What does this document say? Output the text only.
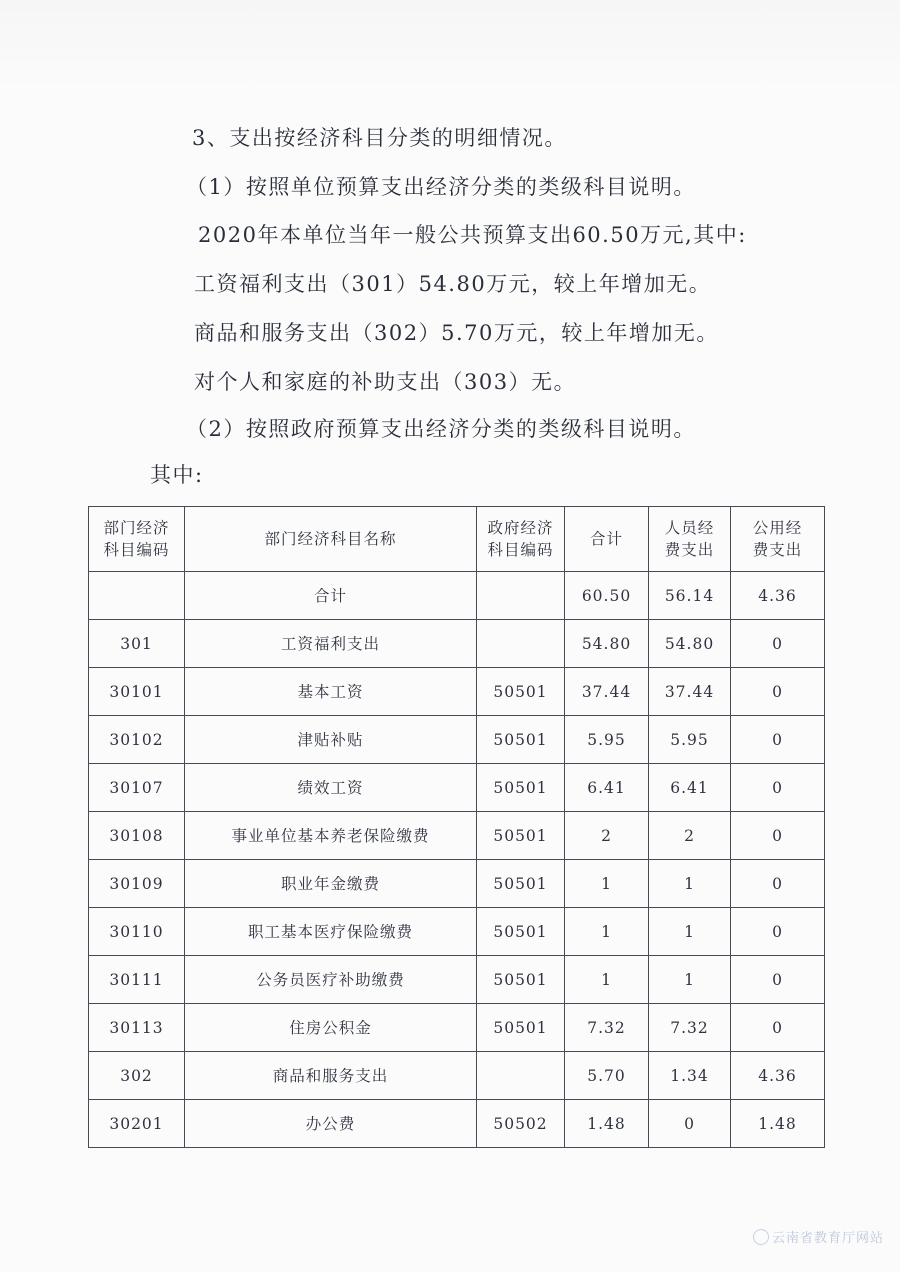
3、支出按经济科目分类的明细情况。
（1）按照单位预算支出经济分类的类级科目说明。
2020年本单位当年一般公共预算支出60.50万元,其中:
工资福利支出（301）54.80万元，较上年增加无。
商品和服务支出（302）5.70万元，较上年增加无。
对个人和家庭的补助支出（303）无。
（2）按照政府预算支出经济分类的类级科目说明。
其中:
部门经济科目编码	部门经济科目名称	政府经济科目编码	合计	人员经费支出	公用经费支出
	合计		60.50	56.14	4.36
301	工资福利支出		54.80	54.80	0
30101	基本工资	50501	37.44	37.44	0
30102	津贴补贴	50501	5.95	5.95	0
30107	绩效工资	50501	6.41	6.41	0
30108	事业单位基本养老保险缴费	50501	2	2	0
30109	职业年金缴费	50501	1	1	0
30110	职工基本医疗保险缴费	50501	1	1	0
30111	公务员医疗补助缴费	50501	1	1	0
30113	住房公积金	50501	7.32	7.32	0
302	商品和服务支出		5.70	1.34	4.36
30201	办公费	50502	1.48	0	1.48
云南省教育厅网站
